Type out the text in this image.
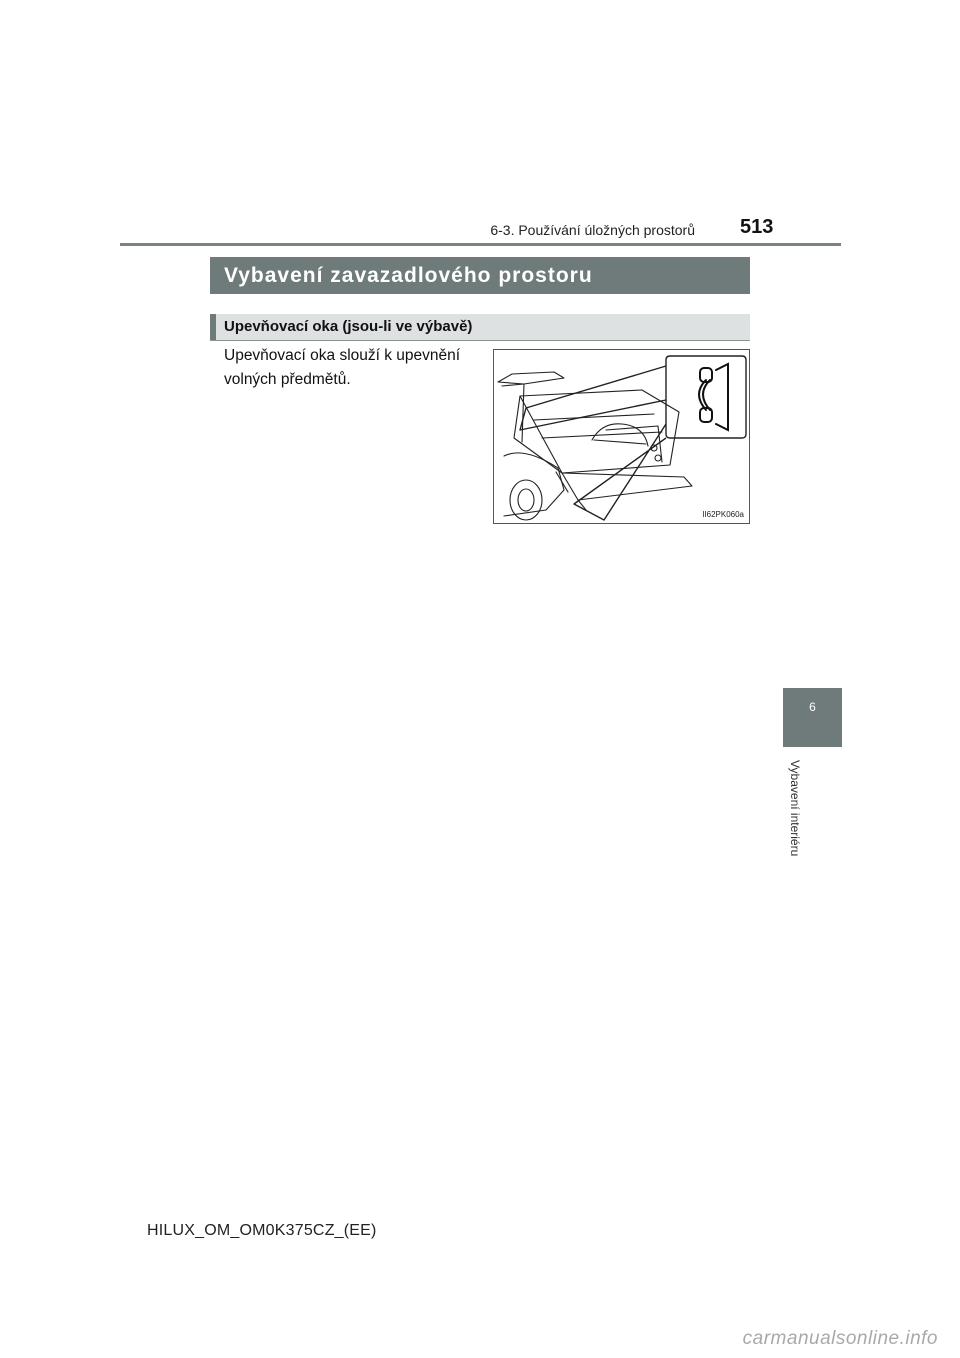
6-3. Používání úložných prostorů 513
Vybavení zavazadlového prostoru
Upevňovací oka (jsou-li ve výbavě)
Upevňovací oka slouží k upevnění
volných předmětů.
II62PK060a
6
Vybavení interiéru
HILUX_OM_OM0K375CZ_(EE)
carmanualsonline.info
